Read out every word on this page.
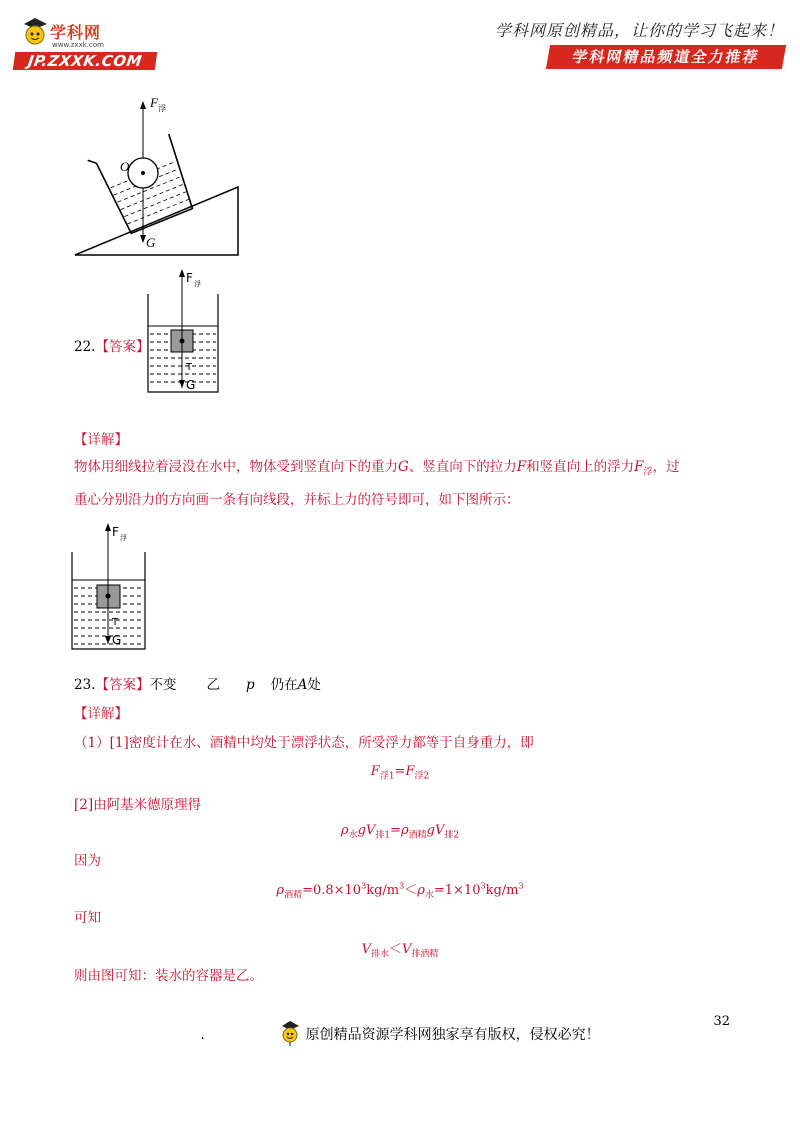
学科网
www.zxxk.com
JP.ZXXK.COM
学科网原创精品，让你的学习飞起来！
学科网精品频道全力推荐
F 浮
O
G
22.【答案】
F 浮
T
G
【详解】
物体用细线拉着浸没在水中，物体受到竖直向下的重力G、竖直向下的拉力F和竖直向上的浮力$F_浮$，过
重心分别沿力的方向画一条有向线段，并标上力的符号即可，如下图所示：
F 浮
T
G
23.【答案】不变 乙 p 仍在A处
【详解】
（1）[1]密度计在水、酒精中均处于漂浮状态，所受浮力都等于自身重力，即
$F_{浮1}=F_{浮2}$
[2]由阿基米德原理得
$\rho_水gV_{排1}=\rho_{酒精}gV_{排2}$
因为
$\rho_{酒精}=0.8\times 10^3kg/m^3<\rho_水=1\times 10^3kg/m^3$
可知
$V_{排水}<V_{排酒精}$
则由图可知：装水的容器是乙。
32
.	原创精品资源学科网独家享有版权，侵权必究！
